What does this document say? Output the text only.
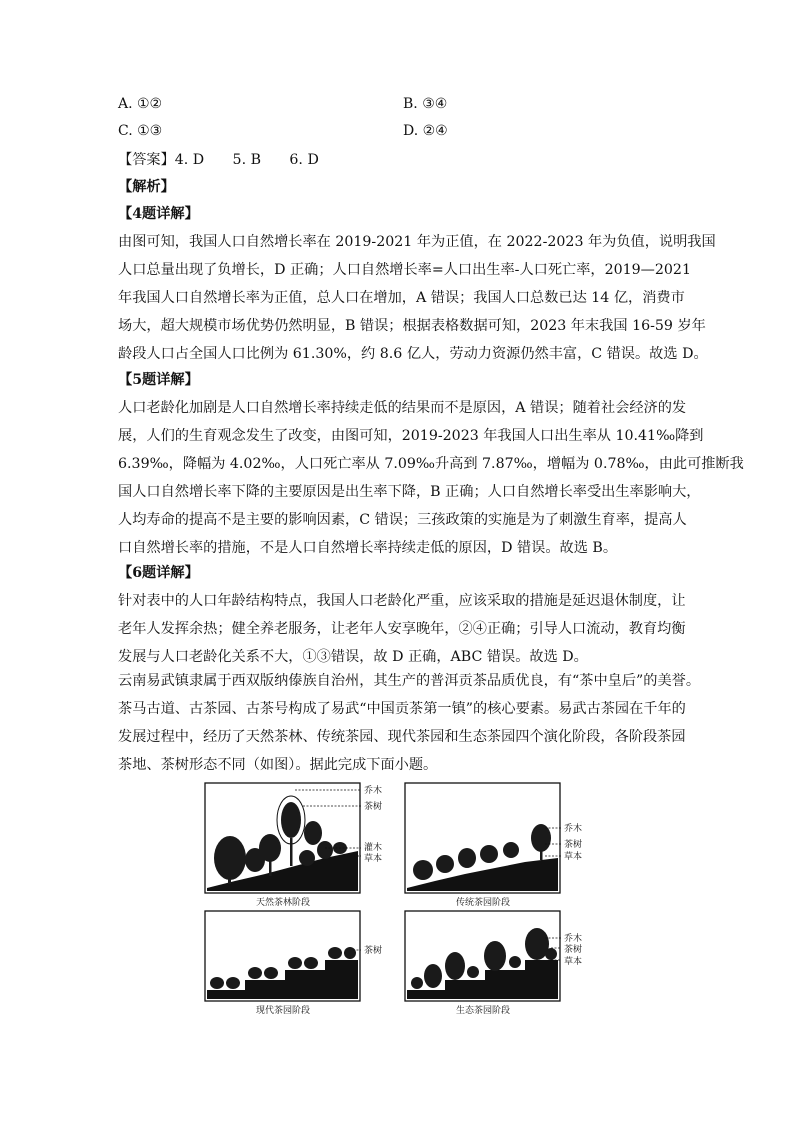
A. ①②	B. ③④
C. ①③	D. ②④
【答案】4. D　　5. B　　6. D
【解析】
【4题详解】
由图可知，我国人口自然增长率在 2019-2021 年为正值，在 2022-2023 年为负值，说明我国
人口总量出现了负增长，D 正确；人口自然增长率=人口出生率-人口死亡率，2019—2021
年我国人口自然增长率为正值，总人口在增加，A 错误；我国人口总数已达 14 亿，消费市
场大，超大规模市场优势仍然明显，B 错误；根据表格数据可知，2023 年末我国 16-59 岁年
龄段人口占全国人口比例为 61.30%，约 8.6 亿人，劳动力资源仍然丰富，C 错误。故选 D。
【5题详解】
人口老龄化加剧是人口自然增长率持续走低的结果而不是原因，A 错误；随着社会经济的发
展，人们的生育观念发生了改变，由图可知，2019-2023 年我国人口出生率从 10.41‰降到
6.39‰，降幅为 4.02‰，人口死亡率从 7.09‰升高到 7.87‰，增幅为 0.78‰，由此可推断我
国人口自然增长率下降的主要原因是出生率下降，B 正确；人口自然增长率受出生率影响大，
人均寿命的提高不是主要的影响因素，C 错误；三孩政策的实施是为了刺激生育率，提高人
口自然增长率的措施，不是人口自然增长率持续走低的原因，D 错误。故选 B。
【6题详解】
针对表中的人口年龄结构特点，我国人口老龄化严重，应该采取的措施是延迟退休制度，让
老年人发挥余热；健全养老服务，让老年人安享晚年，②④正确；引导人口流动，教育均衡
发展与人口老龄化关系不大，①③错误，故 D 正确，ABC 错误。故选 D。
云南易武镇隶属于西双版纳傣族自治州，其生产的普洱贡茶品质优良，有“茶中皇后”的美誉。
茶马古道、古茶园、古茶号构成了易武“中国贡茶第一镇”的核心要素。易武古茶园在千年的
发展过程中，经历了天然茶林、传统茶园、现代茶园和生态茶园四个演化阶段，各阶段茶园
茶地、茶树形态不同（如图）。据此完成下面小题。
乔木
茶树
灌木
草本
天然茶林阶段
乔木
茶树
草本
传统茶园阶段
茶树
现代茶园阶段
乔木
茶树
草本
生态茶园阶段
